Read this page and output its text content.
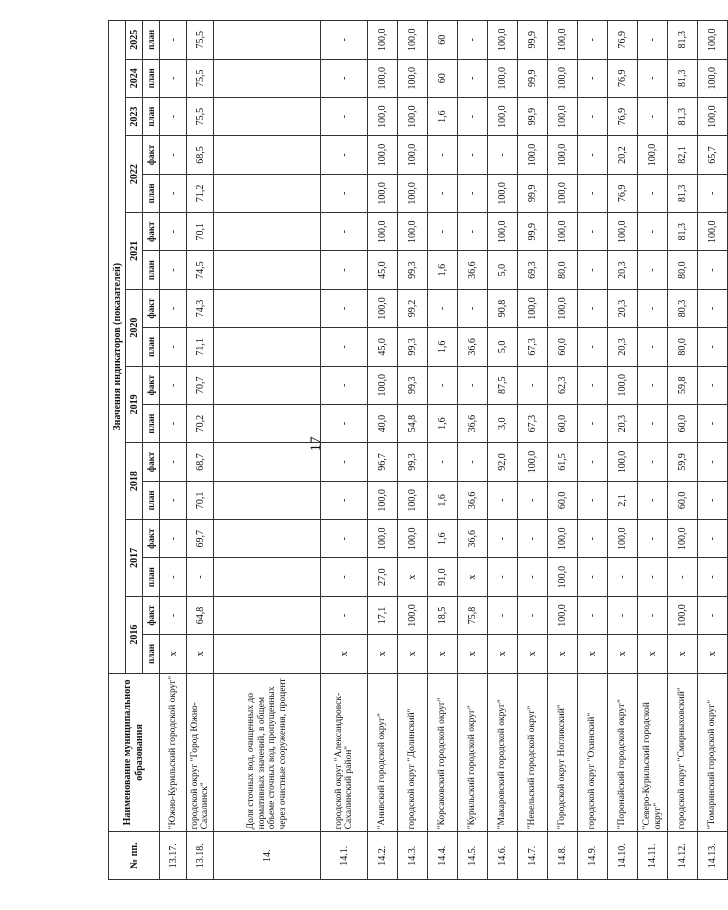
17
№ пп.	Наименование муниципального образования	Значения индикаторов (показателей)																
		2016		2017		2018		2019		2020		2021		2022		2023	2024	2025
		план	факт	план	факт	план	факт	план	факт	план	факт	план	факт	план	факт	план	план	план
13.17.	"Южно-Курильский городской округ"	х	-	-	-	-	-	-	-	-	-	-	-	-	-	-	-	-
13.18.	городской округ "Город Южно-Сахалинск"	х	64,8	-	69,7	70,1	68,7	70,2	70,7	71,1	74,3	74,5	70,1	71,2	68,5	75,5	75,5	75,5
14.	Доля сточных вод, очищенных до нормативных значений, в общем объеме сточных вод, пропущенных через очистные сооружения, процент																	
14.1.	городской округ "Александровск-Сахалинский район"	х	-	-	-	-	-	-	-	-	-	-	-	-	-	-	-	-
14.2.	"Анивский городской округ"	х	17,1	27,0	100,0	100,0	96,7	40,0	100,0	45,0	100,0	45,0	100,0	100,0	100,0	100,0	100,0	100,0
14.3.	городской округ "Долинский"	х	100,0	х	100,0	100,0	99,3	54,8	99,3	99,3	99,2	99,3	100,0	100,0	100,0	100,0	100,0	100,0
14.4.	"Корсаковский городской округ"	х	18,5	91,0	1,6	1,6	-	1,6	-	1,6	-	1,6	-	-	-	1,6	60	60
14.5.	"Курильский городской округ"	х	75,8	х	36,6	36,6	-	36,6	-	36,6	-	36,6	-	-	-	-	-	-
14.6.	"Макаровский городской округ"	х	-	-	-	-	92,0	3,0	87,5	5,0	90,8	5,0	100,0	100,0	-	100,0	100,0	100,0
14.7.	"Невельский городской округ"	х	-	-	-	-	100,0	67,3	-	67,3	100,0	69,3	99,9	99,9	100,0	99,9	99,9	99,9
14.8.	"Городской округ Ногликский"	х	100,0	100,0	100,0	60,0	61,5	60,0	62,3	60,0	100,0	80,0	100,0	100,0	100,0	100,0	100,0	100,0
14.9.	городской округ "Охинский"	х	-	-	-	-	-	-	-	-	-	-	-	-	-	-	-	-
14.10.	"Поронайский городской округ"	х	-	-	100,0	2,1	100,0	20,3	100,0	20,3	20,3	20,3	100,0	76,9	20,2	76,9	76,9	76,9
14.11.	"Северо-Курильский городской округ"	х	-	-	-	-	-	-	-	-	-	-	-	-	100,0	-	-	-
14.12.	городской округ "Смирныховский"	х	100,0	-	100,0	60,0	59,9	60,0	59,8	80,0	80,3	80,0	81,3	81,3	82,1	81,3	81,3	81,3
14.13.	"Томаринский городской округ"	х	-	-	-	-	-	-	-	-	-	-	100,0	-	65,7	100,0	100,0	100,0
